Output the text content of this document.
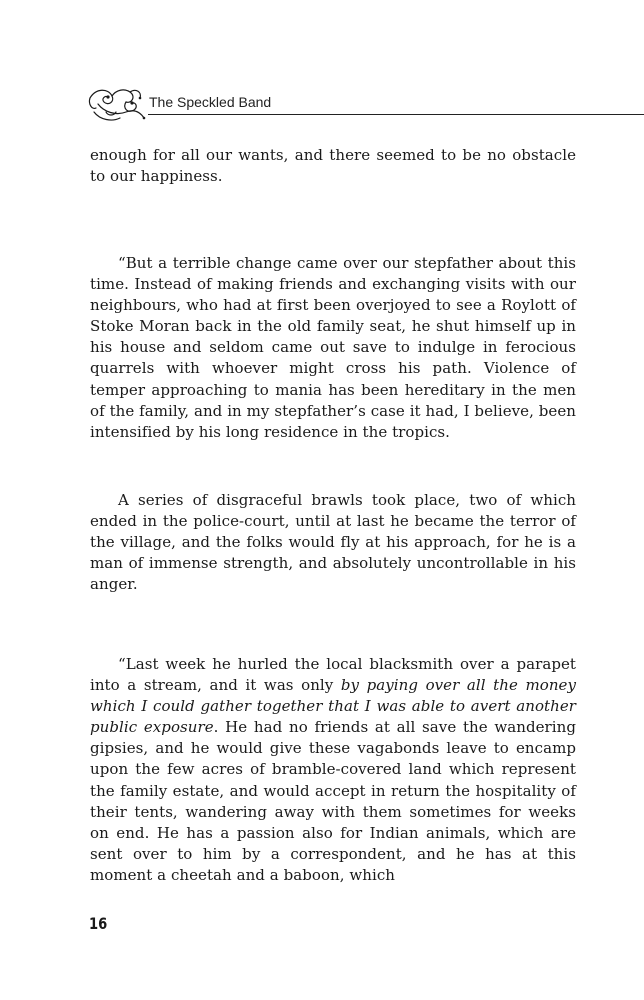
The Speckled Band

enough for all our wants, and there seemed to be no obstacle to our happiness.

“But a terrible change came over our stepfather about this time. Instead of making friends and exchanging visits with our neighbours, who had at first been overjoyed to see a Roylott of Stoke Moran back in the old family seat, he shut himself up in his house and seldom came out save to indulge in ferocious quarrels with whoever might cross his path. Violence of temper approaching to mania has been hereditary in the men of the family, and in my stepfather’s case it had, I believe, been intensified by his long residence in the tropics.

A series of disgraceful brawls took place, two of which ended in the police-court, until at last he became the terror of the village, and the folks would fly at his approach, for he is a man of immense strength, and absolutely uncontrollable in his anger.

“Last week he hurled the local blacksmith over a parapet into a stream, and it was only by paying over all the money which I could gather together that I was able to avert another public exposure. He had no friends at all save the wandering gipsies, and he would give these vagabonds leave to encamp upon the few acres of bramble-covered land which represent the family estate, and would accept in return the hospitality of their tents, wandering away with them sometimes for weeks on end. He has a passion also for Indian animals, which are sent over to him by a correspondent, and he has at this moment a cheetah and a baboon, which

16
